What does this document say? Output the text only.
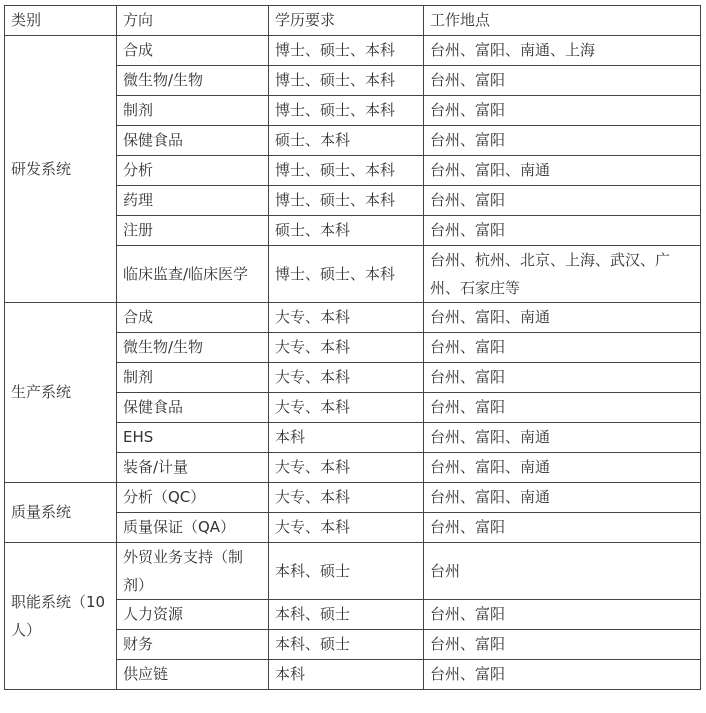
类别	方向	学历要求	工作地点
研发系统	合成	博士、硕士、本科	台州、富阳、南通、上海
	微生物/生物	博士、硕士、本科	台州、富阳
	制剂	博士、硕士、本科	台州、富阳
	保健食品	硕士、本科	台州、富阳
	分析	博士、硕士、本科	台州、富阳、南通
	药理	博士、硕士、本科	台州、富阳
	注册	硕士、本科	台州、富阳
	临床监查/临床医学	博士、硕士、本科	台州、杭州、北京、上海、武汉、广州、石家庄等
生产系统	合成	大专、本科	台州、富阳、南通
	微生物/生物	大专、本科	台州、富阳
	制剂	大专、本科	台州、富阳
	保健食品	大专、本科	台州、富阳
	EHS	本科	台州、富阳、南通
	装备/计量	大专、本科	台州、富阳、南通
质量系统	分析（QC）	大专、本科	台州、富阳、南通
	质量保证（QA）	大专、本科	台州、富阳
职能系统（10人）	外贸业务支持（制剂）	本科、硕士	台州
	人力资源	本科、硕士	台州、富阳
	财务	本科、硕士	台州、富阳
	供应链	本科	台州、富阳
